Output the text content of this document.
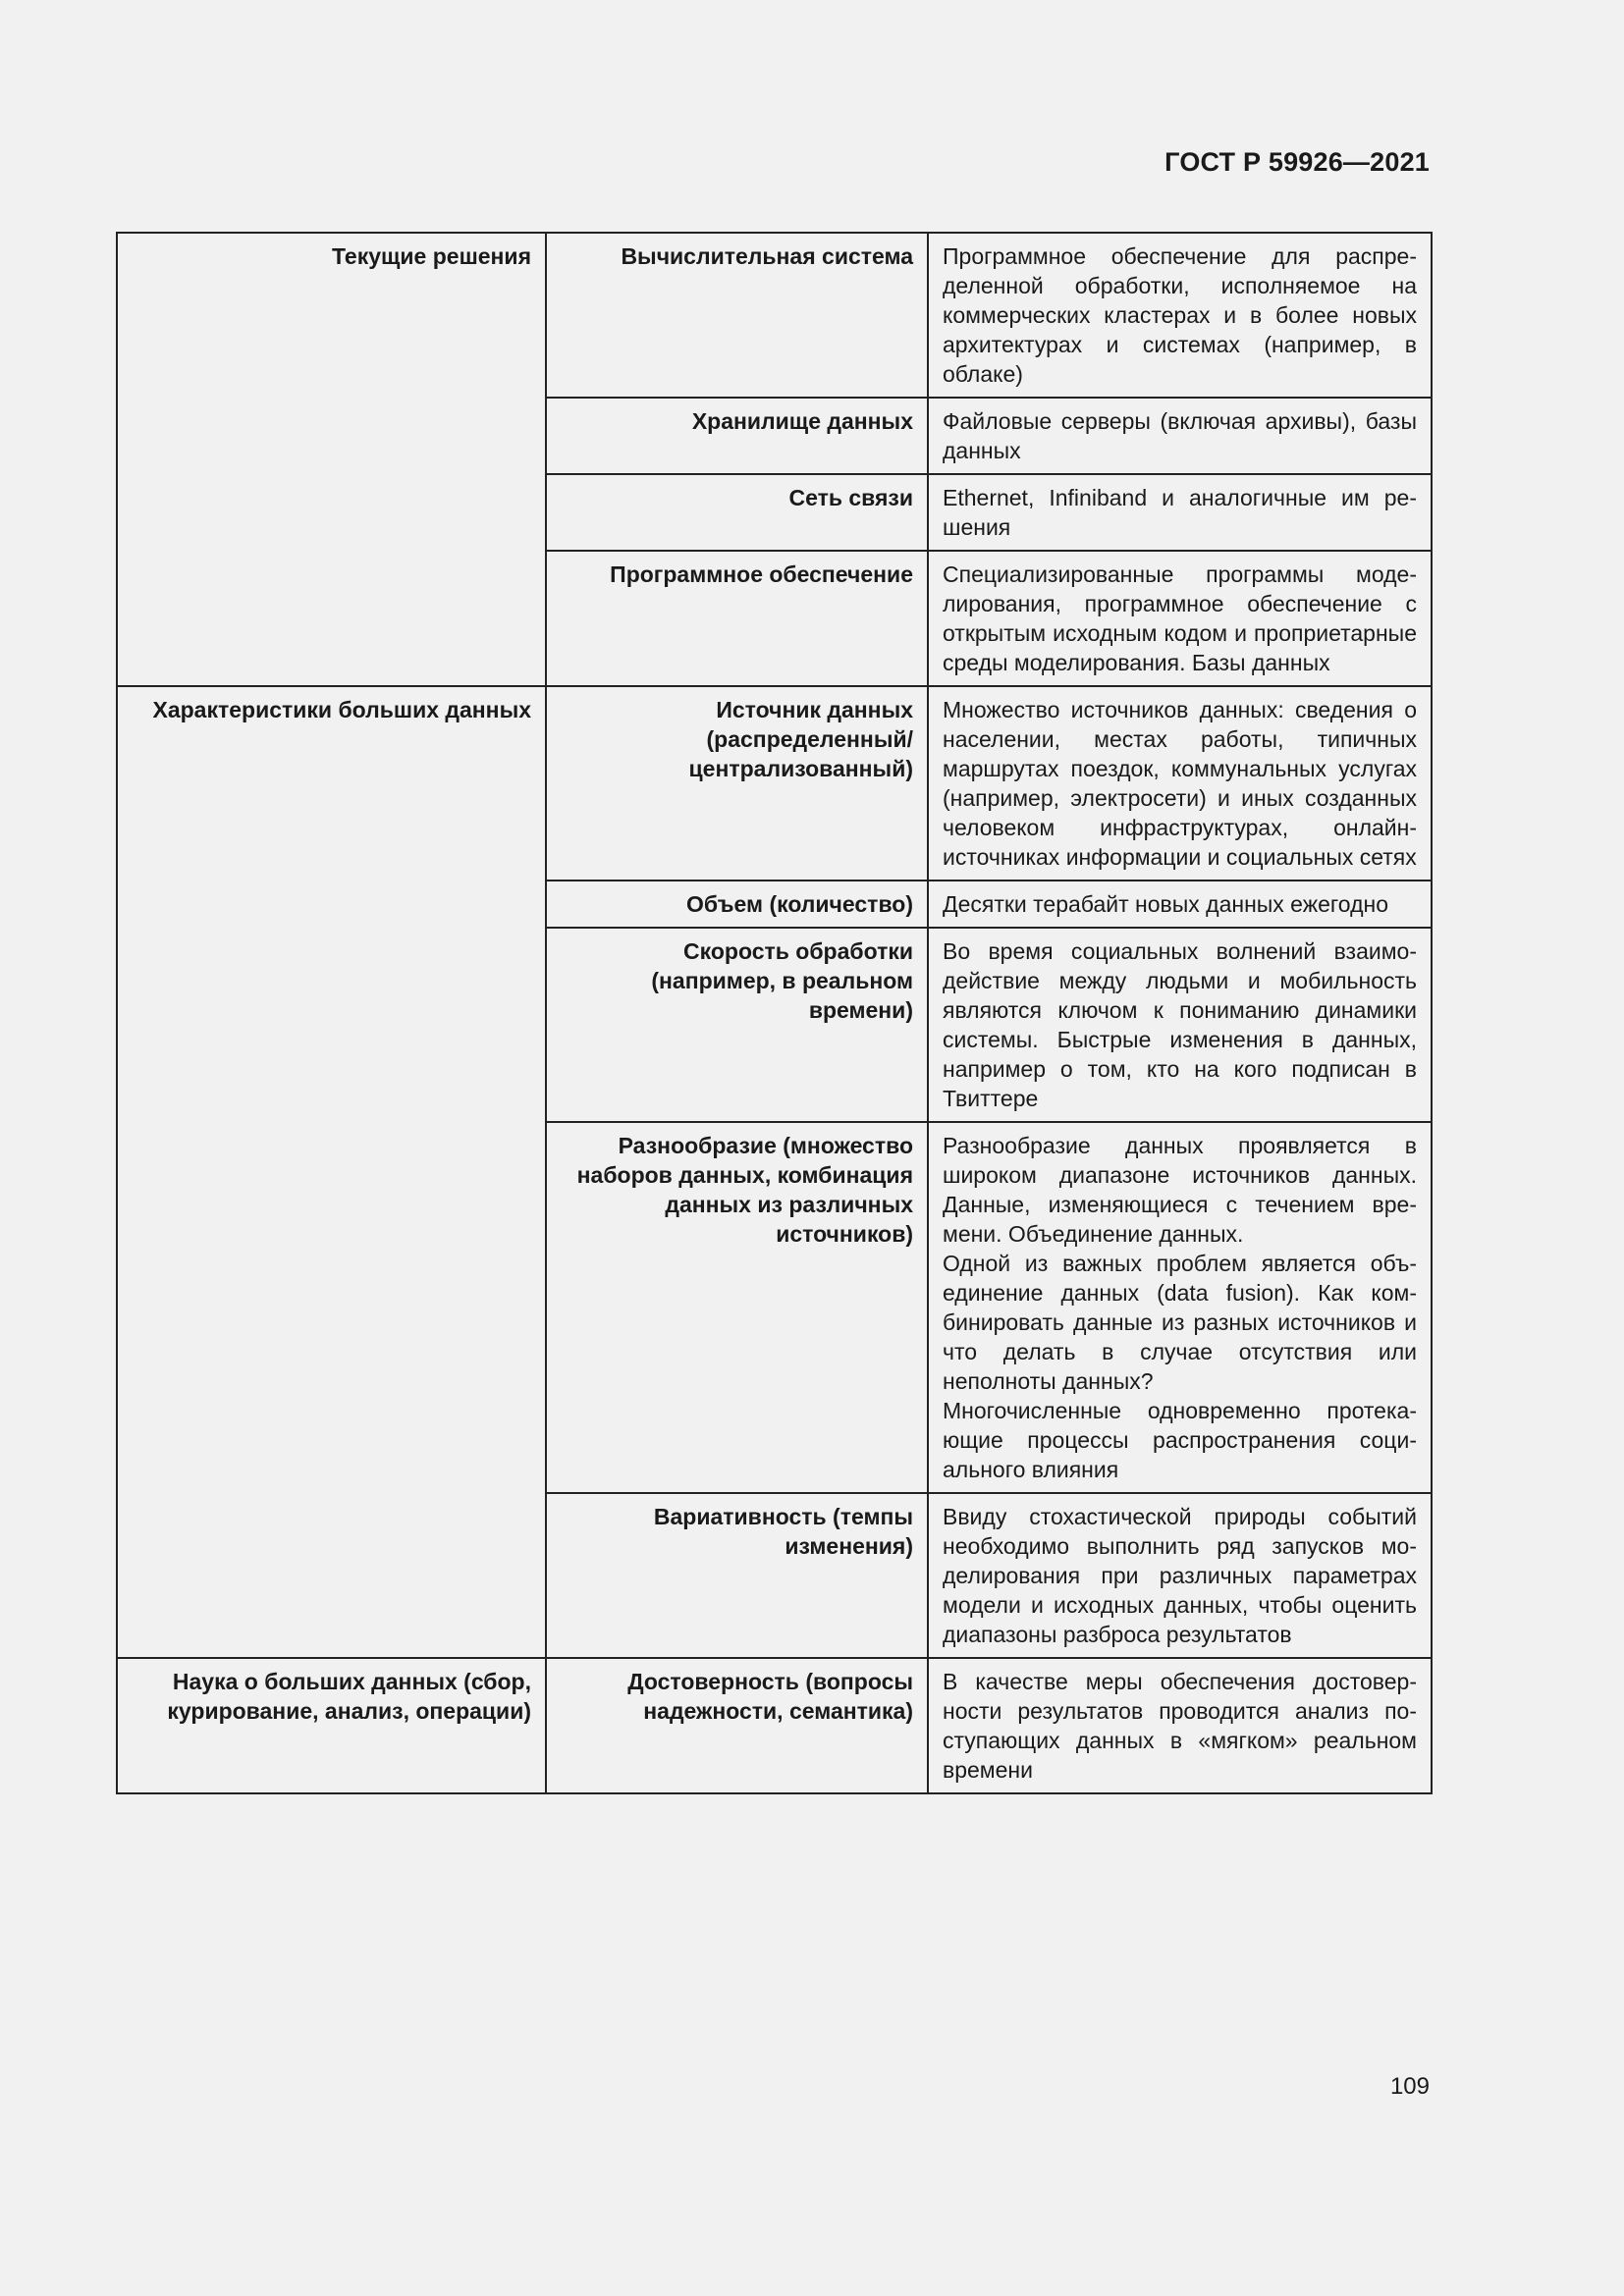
ГОСТ Р 59926—2021
Текущие решения	Вычислительная система	Программное обеспечение для распределенной обработки, исполняемое на коммерческих кластерах и в более новых архитектурах и системах (например, в облаке)

	Хранилище данных	Файловые серверы (включая архивы), базы данных

	Сеть связи	Ethernet, Infiniband и аналогичные им решения

	Программное обеспечение	Специализированные программы моделирования, программное обеспечение с открытым исходным кодом и проприетарные среды моделирования. Базы данных

Характеристики больших данных	Источник данных (распределенный/ централизованный)	Множество источников данных: сведения о населении, местах работы, типичных маршрутах поездок, коммунальных услугах (например, электросети) и иных созданных человеком инфраструктурах, онлайн-источниках информации и социальных сетях

	Объем (количество)	Десятки терабайт новых данных ежегодно

	Скорость обработки (например, в реальном времени)	Во время социальных волнений взаимодействие между людьми и мобильность являются ключом к пониманию динамики системы. Быстрые изменения в данных, например о том, кто на кого подписан в Твиттере

	Разнообразие (множество наборов данных, комбинация данных из различных источников)	Разнообразие данных проявляется в широком диапазоне источников данных. Данные, изменяющиеся с течением времени. Объединение данных.

Одной из важных проблем является объединение данных (data fusion). Как комбинировать данные из разных источников и что делать в случае отсутствия или неполноты данных?

Многочисленные одновременно протекающие процессы распространения социального влияния

	Вариативность (темпы изменения)	Ввиду стохастической природы событий необходимо выполнить ряд запусков моделирования при различных параметрах модели и исходных данных, чтобы оценить диапазоны разброса результатов

Наука о больших данных (сбор, курирование, анализ, операции)	Достоверность (вопросы надежности, семантика)	В качестве меры обеспечения достоверности результатов проводится анализ поступающих данных в «мягком» реальном времени

109
